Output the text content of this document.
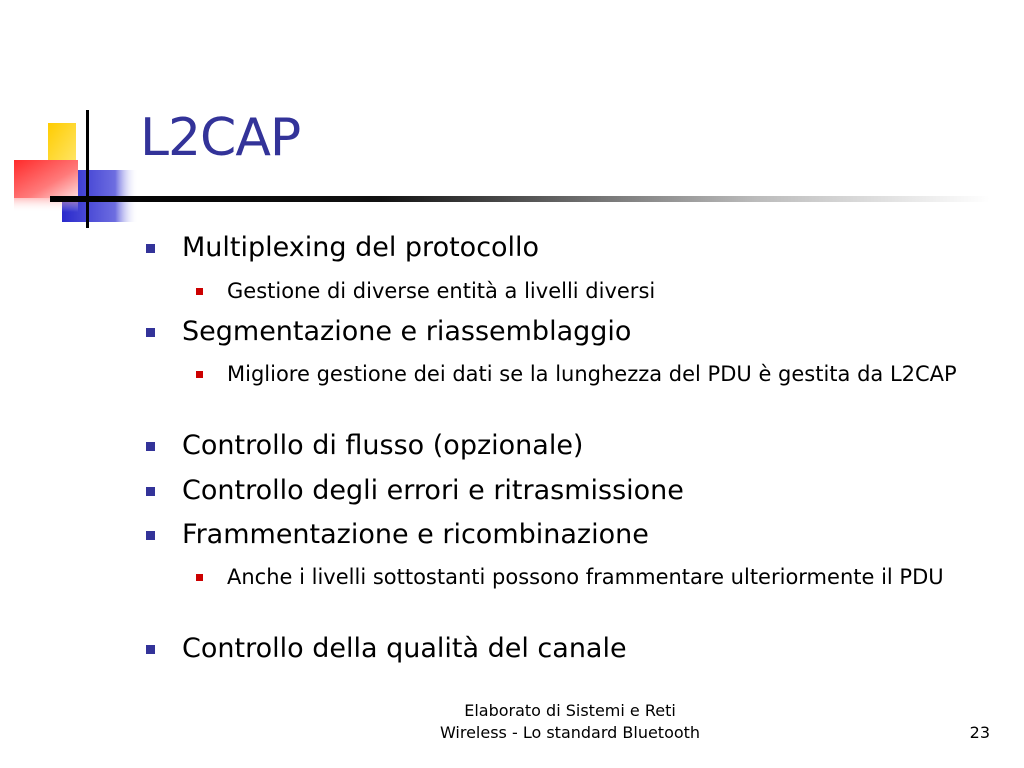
L2CAP
Multiplexing del protocollo
Gestione di diverse entità a livelli diversi
Segmentazione e riassemblaggio
Migliore gestione dei dati se la lunghezza del PDU è gestita da L2CAP
Controllo di flusso (opzionale)
Controllo degli errori e ritrasmissione
Frammentazione e ricombinazione
Anche i livelli sottostanti possono frammentare ulteriormente il PDU
Controllo della qualità del canale
Elaborato di Sistemi e Reti
Wireless - Lo standard Bluetooth	23
